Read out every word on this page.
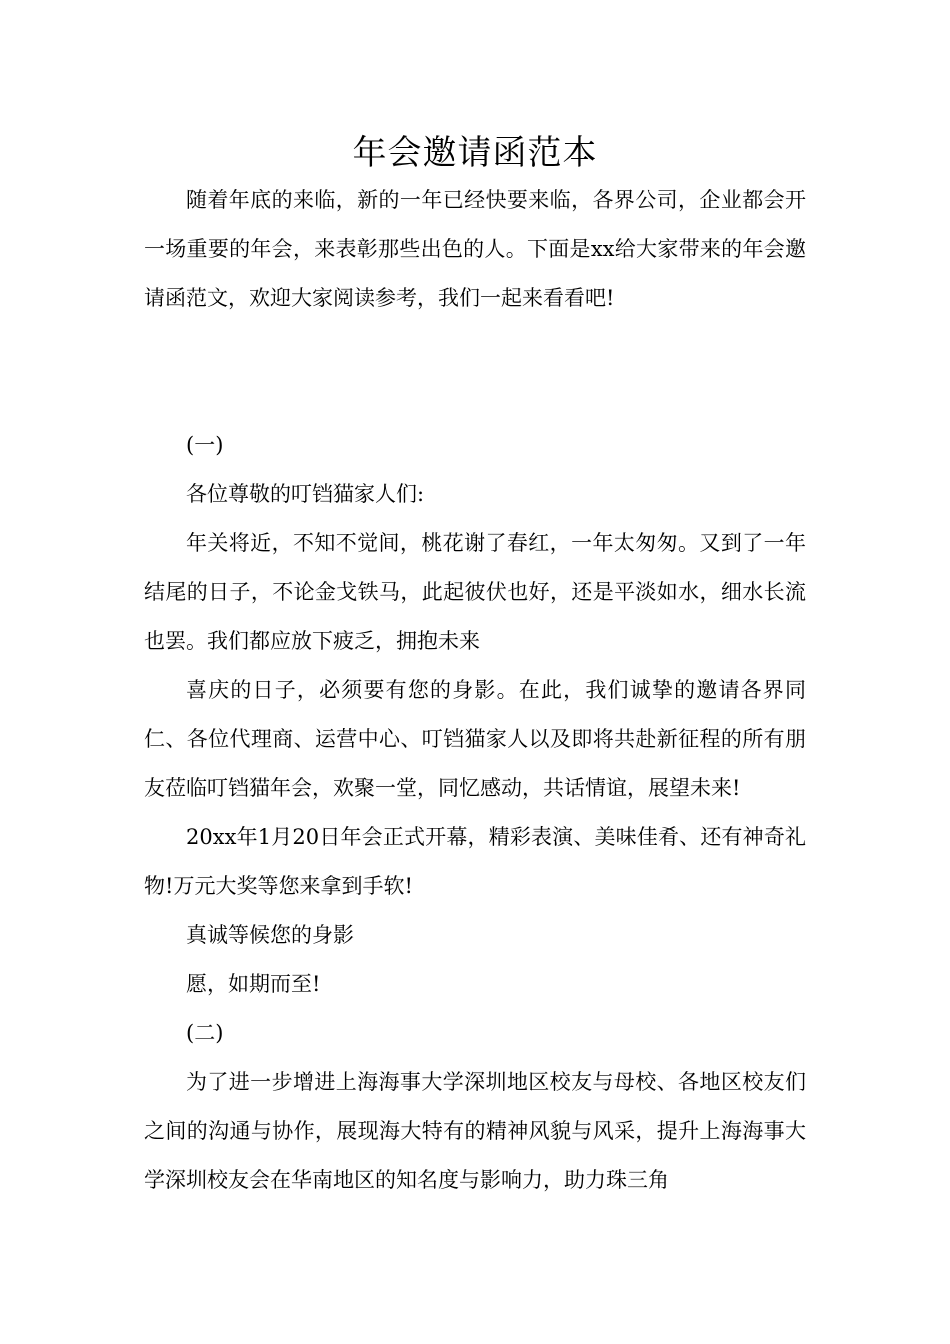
年会邀请函范本

随着年底的来临，新的一年已经快要来临，各界公司，企业都会开一场重要的年会，来表彰那些出色的人。下面是xx给大家带来的年会邀请函范文，欢迎大家阅读参考，我们一起来看看吧!

(一)

各位尊敬的叮铛猫家人们:

年关将近，不知不觉间，桃花谢了春红，一年太匆匆。又到了一年结尾的日子，不论金戈铁马，此起彼伏也好，还是平淡如水，细水长流也罢。我们都应放下疲乏，拥抱未来

喜庆的日子，必须要有您的身影。在此，我们诚挚的邀请各界同仁、各位代理商、运营中心、叮铛猫家人以及即将共赴新征程的所有朋友莅临叮铛猫年会，欢聚一堂，同忆感动，共话情谊，展望未来!

20xx年1月20日年会正式开幕，精彩表演、美味佳肴、还有神奇礼物!万元大奖等您来拿到手软!

真诚等候您的身影

愿，如期而至!

(二)

为了进一步增进上海海事大学深圳地区校友与母校、各地区校友们之间的沟通与协作，展现海大特有的精神风貌与风采，提升上海海事大学深圳校友会在华南地区的知名度与影响力，助力珠三角
